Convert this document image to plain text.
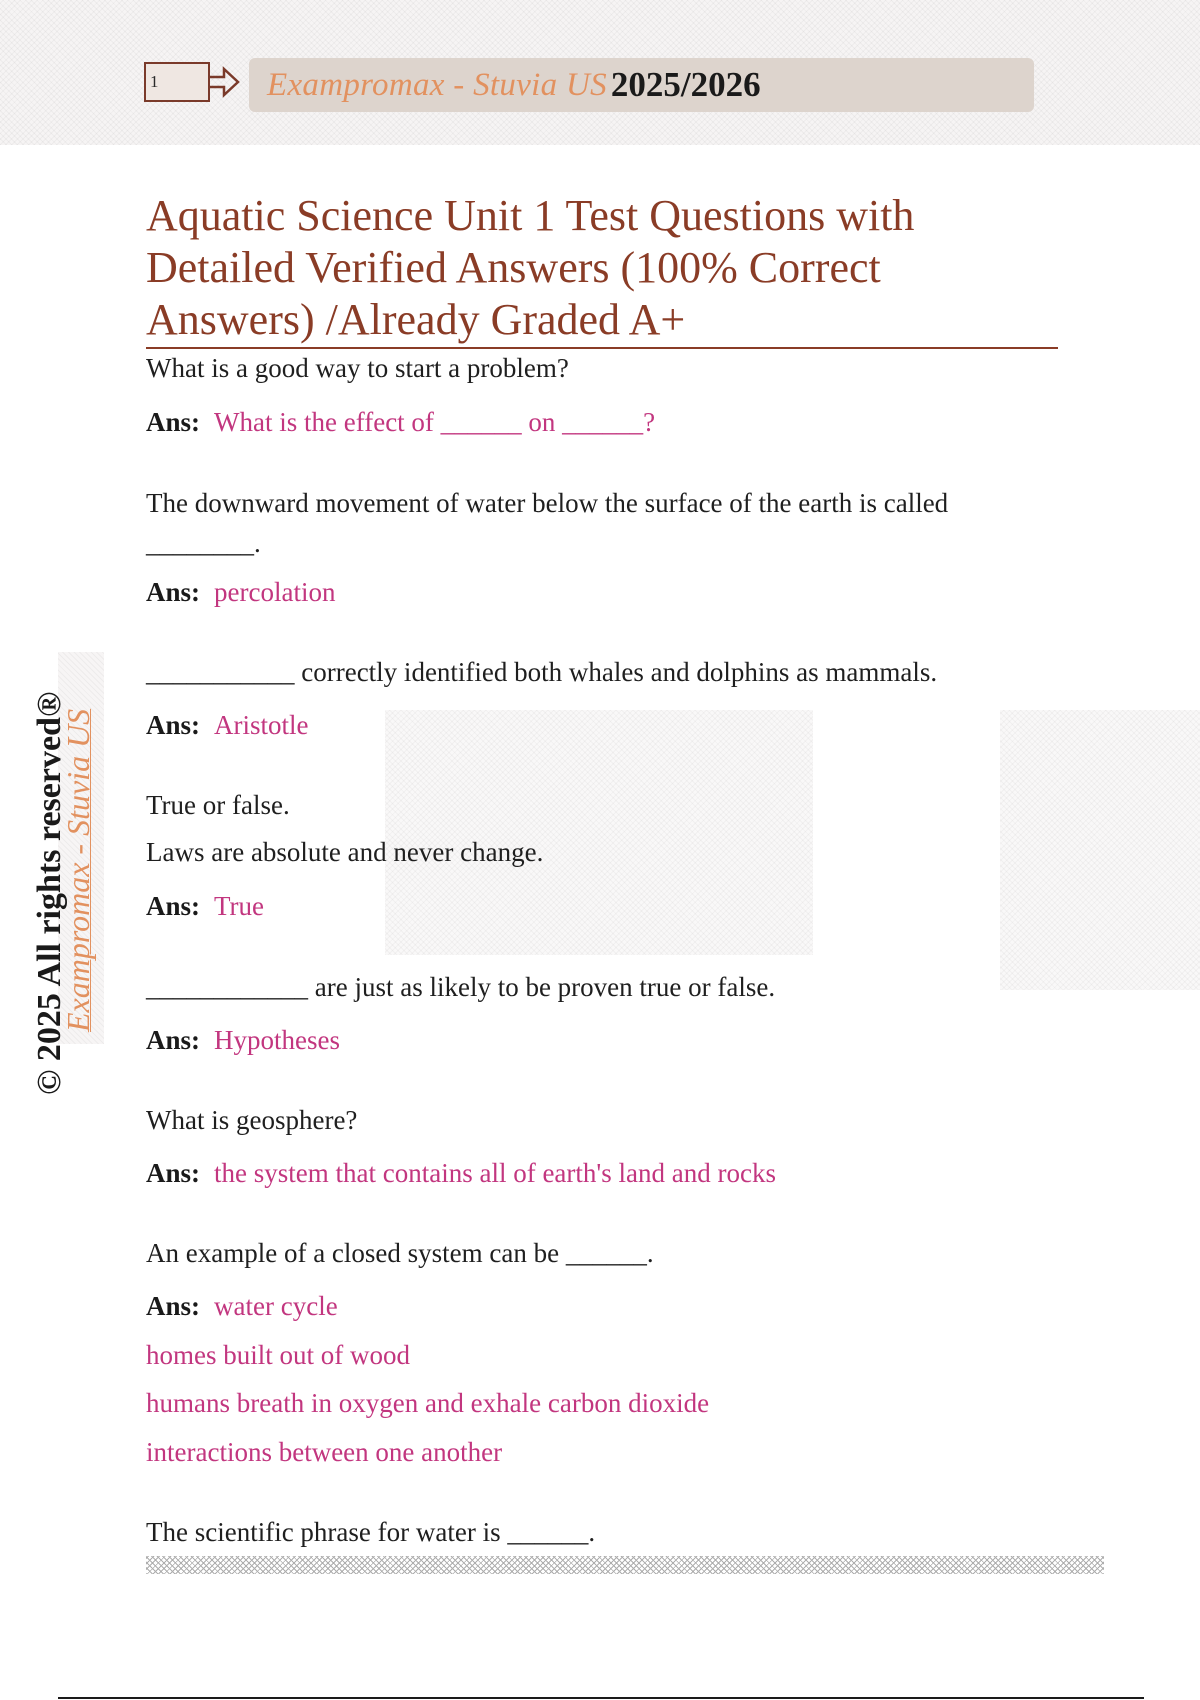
1	Exampromax - Stuvia US 2025/2026
© 2025 All rights reserved®
Exampromax - Stuvia US
Aquatic Science Unit 1 Test Questions with Detailed Verified Answers (100% Correct Answers) /Already Graded A+
What is a good way to start a problem?
Ans: What is the effect of ______ on ______?
The downward movement of water below the surface of the earth is called
________.
Ans: percolation
___________ correctly identified both whales and dolphins as mammals.
Ans: Aristotle
True or false.
Laws are absolute and never change.
Ans: True
____________ are just as likely to be proven true or false.
Ans: Hypotheses
What is geosphere?
Ans: the system that contains all of earth's land and rocks
An example of a closed system can be ______.
Ans: water cycle
homes built out of wood
humans breath in oxygen and exhale carbon dioxide
interactions between one another
The scientific phrase for water is ______.
